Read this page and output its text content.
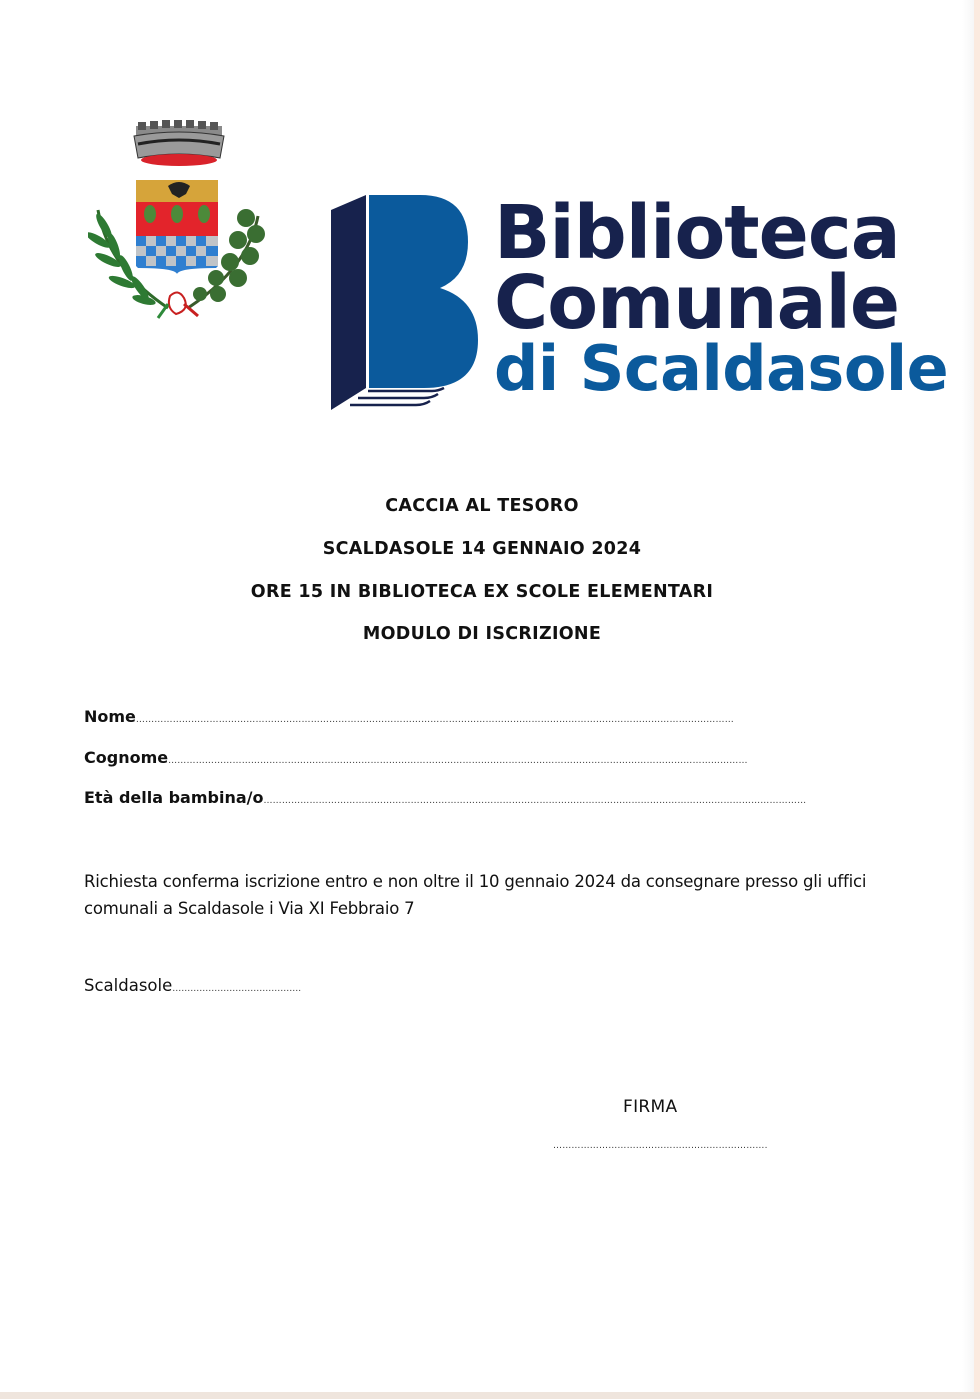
Biblioteca
Comunale
di Scaldasole
CACCIA AL TESORO
SCALDASOLE 14 GENNAIO 2024
ORE 15 IN BIBLIOTECA EX SCOLE ELEMENTARI
MODULO DI ISCRIZIONE
Nome……………………………………………………………………………………………………………………………………………………………………………
Cognome………………………………………………………………………………………………………………………………………………………………………
Età della bambina/o……………………………………………………………………………………………………………………………………………………………
Richiesta conferma iscrizione entro e non oltre il 10 gennaio 2024 da consegnare presso gli uffici comunali a Scaldasole i Via XI Febbraio 7
Scaldasole…………………………………….
FIRMA
…………………………………………………………….
